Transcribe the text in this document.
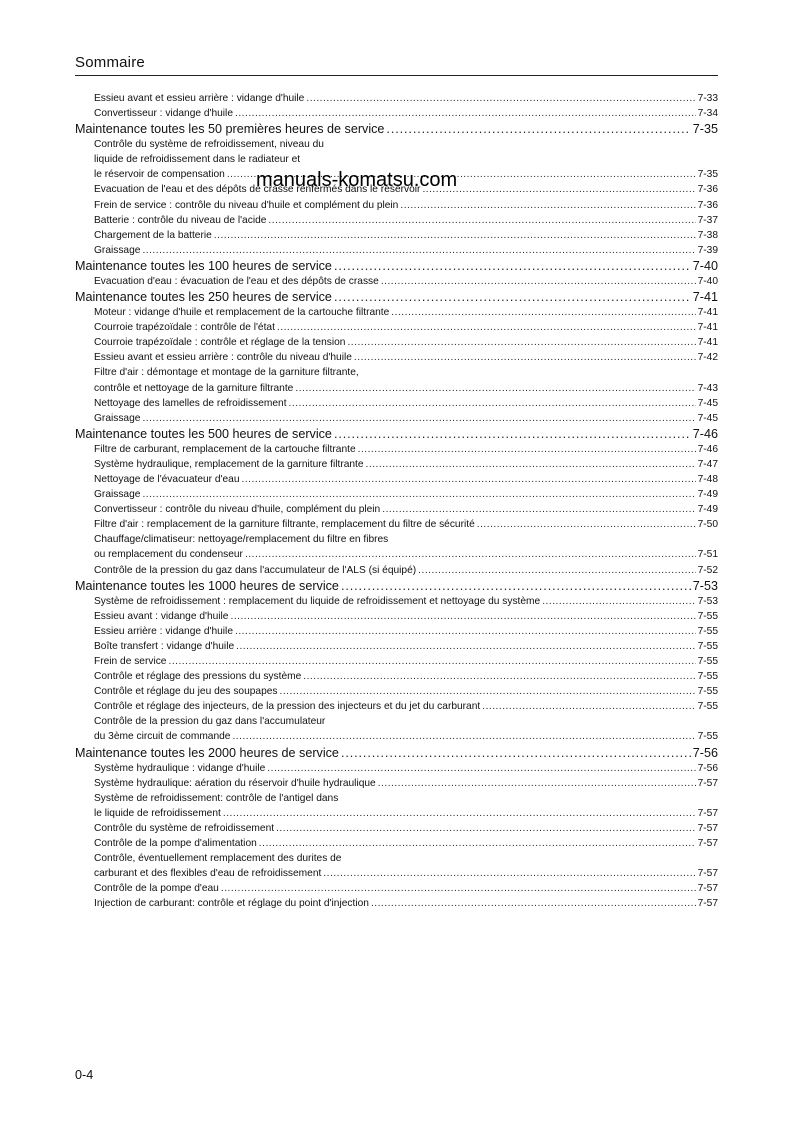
Sommaire
Essieu avant et essieu arrière : vidange d'huile .....	7-33
Convertisseur : vidange d'huile .....	7-34
Maintenance toutes les 50 premières heures de service .....	7-35
Contrôle du système de refroidissement, niveau du
liquide de refroidissement dans le radiateur et
le réservoir de compensation .....	7-35
Evacuation de l'eau et des dépôts de crasse renfermés dans le réservoir .....	7-36
Frein de service : contrôle du niveau d'huile et complément du plein .....	7-36
Batterie : contrôle du niveau de l'acide .....	7-37
Chargement de la batterie .....	7-38
Graissage .....	7-39
Maintenance toutes les 100 heures de service .....	7-40
Evacuation d'eau : évacuation de l'eau et des dépôts de crasse .....	7-40
Maintenance toutes les 250 heures de service .....	7-41
Moteur : vidange d'huile et remplacement de la cartouche filtrante .....	7-41
Courroie trapézoïdale : contrôle de l'état .....	7-41
Courroie trapézoïdale : contrôle et réglage de la tension .....	7-41
Essieu avant et essieu arrière : contrôle du niveau d'huile .....	7-42
Filtre d'air : démontage et montage de la garniture filtrante,
contrôle et nettoyage de la garniture filtrante .....	7-43
Nettoyage des lamelles de refroidissement .....	7-45
Graissage .....	7-45
Maintenance toutes les 500 heures de service .....	7-46
Filtre de carburant, remplacement de la cartouche filtrante .....	7-46
Système hydraulique, remplacement de la garniture filtrante .....	7-47
Nettoyage de l'évacuateur d'eau .....	7-48
Graissage .....	7-49
Convertisseur : contrôle du niveau d'huile, complément du plein .....	7-49
Filtre d'air : remplacement de la garniture filtrante, remplacement du filtre de sécurité .....	7-50
Chauffage/climatiseur: nettoyage/remplacement du filtre en fibres
ou remplacement du condenseur .....	7-51
Contrôle de la pression du gaz dans l'accumulateur de l'ALS (si équipé) .....	7-52
Maintenance toutes les 1000 heures de service .....	7-53
Système de refroidissement : remplacement du liquide de refroidissement et nettoyage du système .....	7-53
Essieu avant : vidange d'huile .....	7-55
Essieu arrière : vidange d'huile .....	7-55
Boîte transfert : vidange d'huile .....	7-55
Frein de service .....	7-55
Contrôle et réglage des pressions du système .....	7-55
Contrôle et réglage du jeu des soupapes .....	7-55
Contrôle et réglage des injecteurs, de la pression des injecteurs et du jet du carburant .....	7-55
Contrôle de la pression du gaz dans l'accumulateur
du 3ème circuit de commande .....	7-55
Maintenance toutes les 2000 heures de service .....	7-56
Système hydraulique : vidange d'huile .....	7-56
Système hydraulique: aération du réservoir d'huile hydraulique .....	7-57
Système de refroidissement: contrôle de l'antigel dans
le liquide de refroidissement .....	7-57
Contrôle du système de refroidissement .....	7-57
Contrôle de la pompe d'alimentation .....	7-57
Contrôle, éventuellement remplacement des durites de
carburant et des flexibles d'eau de refroidissement .....	7-57
Contrôle de la pompe d'eau .....	7-57
Injection de carburant: contrôle et réglage du point d'injection .....	7-57
manuals-komatsu.com
0-4
